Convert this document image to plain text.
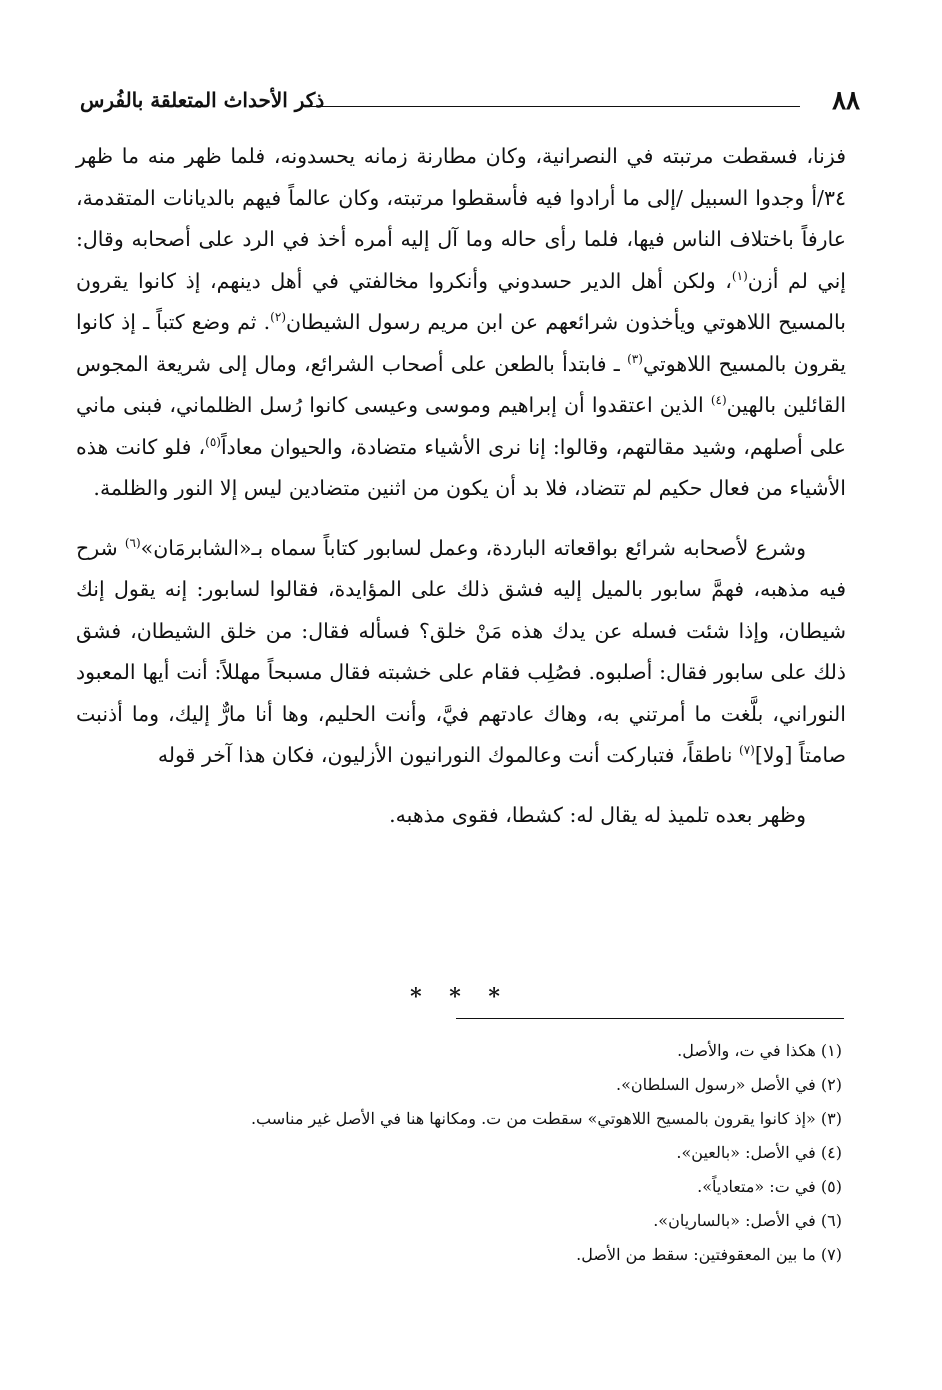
٨٨
ذكر الأحداث المتعلقة بالفُرس

فزنا، فسقطت مرتبته في النصرانية، وكان مطارنة زمانه يحسدونه، فلما ظهر منه ما ظهر ٣٤/أ وجدوا السبيل /إلى ما أرادوا فيه فأسقطوا مرتبته، وكان عالماً فيهم بالديانات المتقدمة، عارفاً باختلاف الناس فيها، فلما رأى حاله وما آل إليه أمره أخذ في الرد على أصحابه وقال: إني لم أزن$^{(١)}$، ولكن أهل الدير حسدوني وأنكروا مخالفتي في أهل دينهم، إذ كانوا يقرون بالمسيح اللاهوتي ويأخذون شرائعهم عن ابن مريم رسول الشيطان$^{(٢)}$. ثم وضع كتباً ـ إذ كانوا يقرون بالمسيح اللاهوتي$^{(٣)}$ ـ فابتدأ بالطعن على أصحاب الشرائع، ومال إلى شريعة المجوس القائلين بالهين$^{(٤)}$ الذين اعتقدوا أن إبراهيم وموسى وعيسى كانوا رُسل الظلماني، فبنى ماني على أصلهم، وشيد مقالتهم، وقالوا: إنا نرى الأشياء متضادة، والحيوان معاداً$^{(٥)}$، فلو كانت هذه الأشياء من فعال حكيم لم تتضاد، فلا بد أن يكون من اثنين متضادين ليس إلا النور والظلمة.

وشرع لأصحابه شرائع بواقعاته الباردة، وعمل لسابور كتاباً سماه بـ«الشابرمَان»$^{(٦)}$ شرح فيه مذهبه، فهمَّ سابور بالميل إليه فشق ذلك على المؤايدة، فقالوا لسابور: إنه يقول إنك شيطان، وإذا شئت فسله عن يدك هذه مَنْ خلق؟ فسأله فقال: من خلق الشيطان، فشق ذلك على سابور فقال: أصلبوه. فصُلِب فقام على خشبته فقال مسبحاً مهللاً: أنت أيها المعبود النوراني، بلَّغت ما أمرتني به، وهاك عادتهم فيَّ، وأنت الحليم، وها أنا مارٌّ إليك، وما أذنبت صامتاً [ولا]$^{(٧)}$ ناطقاً، فتباركت أنت وعالموك النورانيون الأزليون، فكان هذا آخر قوله

وظهر بعده تلميذ له يقال له: كشطا، فقوى مذهبه.

* * *
(١) هكذا في ت، والأصل.
(٢) في الأصل «رسول السلطان».
(٣) «إذ كانوا يقرون بالمسيح اللاهوتي» سقطت من ت. ومكانها هنا في الأصل غير مناسب.
(٤) في الأصل: «بالعين».
(٥) في ت: «متعادياً».
(٦) في الأصل: «بالساريان».
(٧) ما بين المعقوفتين: سقط من الأصل.
